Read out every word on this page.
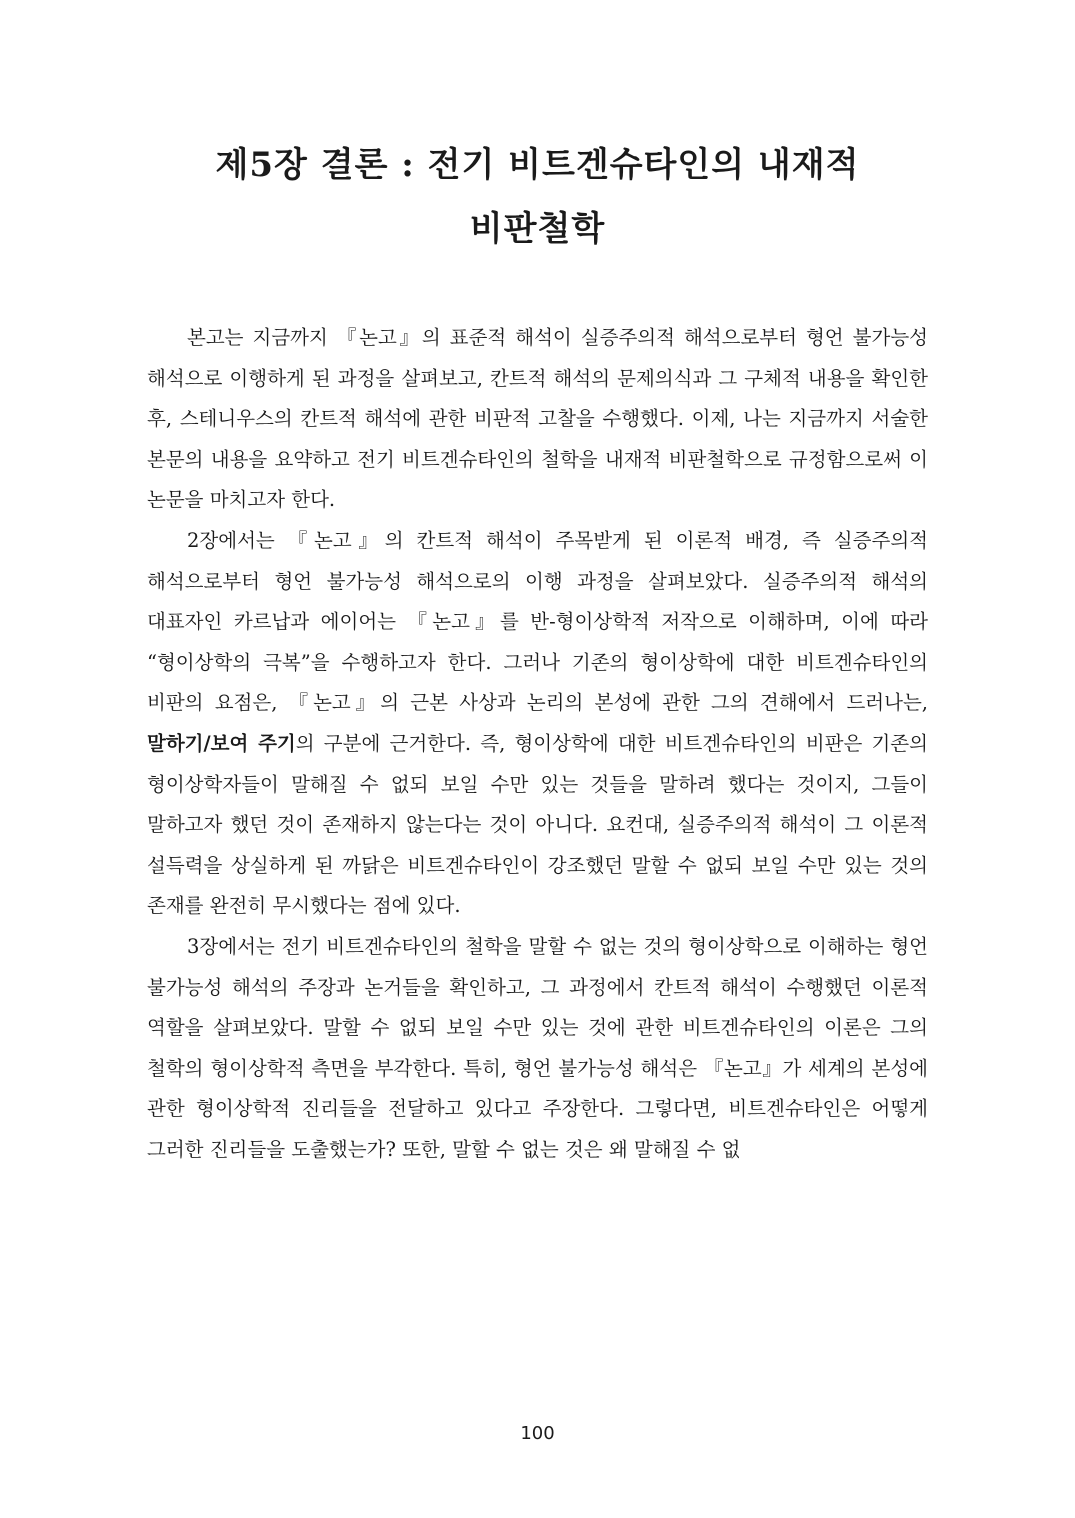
제5장 결론 : 전기 비트겐슈타인의 내재적
비판철학

본고는 지금까지 『논고』의 표준적 해석이 실증주의적 해석으로부터 형언 불가능성 해석으로 이행하게 된 과정을 살펴보고, 칸트적 해석의 문제의식과 그 구체적 내용을 확인한 후, 스테니우스의 칸트적 해석에 관한 비판적 고찰을 수행했다. 이제, 나는 지금까지 서술한 본문의 내용을 요약하고 전기 비트겐슈타인의 철학을 내재적 비판철학으로 규정함으로써 이 논문을 마치고자 한다.

2장에서는 『논고』의 칸트적 해석이 주목받게 된 이론적 배경, 즉 실증주의적 해석으로부터 형언 불가능성 해석으로의 이행 과정을 살펴보았다. 실증주의적 해석의 대표자인 카르납과 에이어는 『논고』를 반-형이상학적 저작으로 이해하며, 이에 따라 “형이상학의 극복”을 수행하고자 한다. 그러나 기존의 형이상학에 대한 비트겐슈타인의 비판의 요점은, 『논고』의 근본 사상과 논리의 본성에 관한 그의 견해에서 드러나는, 말하기/보여 주기의 구분에 근거한다. 즉, 형이상학에 대한 비트겐슈타인의 비판은 기존의 형이상학자들이 말해질 수 없되 보일 수만 있는 것들을 말하려 했다는 것이지, 그들이 말하고자 했던 것이 존재하지 않는다는 것이 아니다. 요컨대, 실증주의적 해석이 그 이론적 설득력을 상실하게 된 까닭은 비트겐슈타인이 강조했던 말할 수 없되 보일 수만 있는 것의 존재를 완전히 무시했다는 점에 있다.

3장에서는 전기 비트겐슈타인의 철학을 말할 수 없는 것의 형이상학으로 이해하는 형언 불가능성 해석의 주장과 논거들을 확인하고, 그 과정에서 칸트적 해석이 수행했던 이론적 역할을 살펴보았다. 말할 수 없되 보일 수만 있는 것에 관한 비트겐슈타인의 이론은 그의 철학의 형이상학적 측면을 부각한다. 특히, 형언 불가능성 해석은 『논고』가 세계의 본성에 관한 형이상학적 진리들을 전달하고 있다고 주장한다. 그렇다면, 비트겐슈타인은 어떻게 그러한 진리들을 도출했는가? 또한, 말할 수 없는 것은 왜 말해질 수 없

100
